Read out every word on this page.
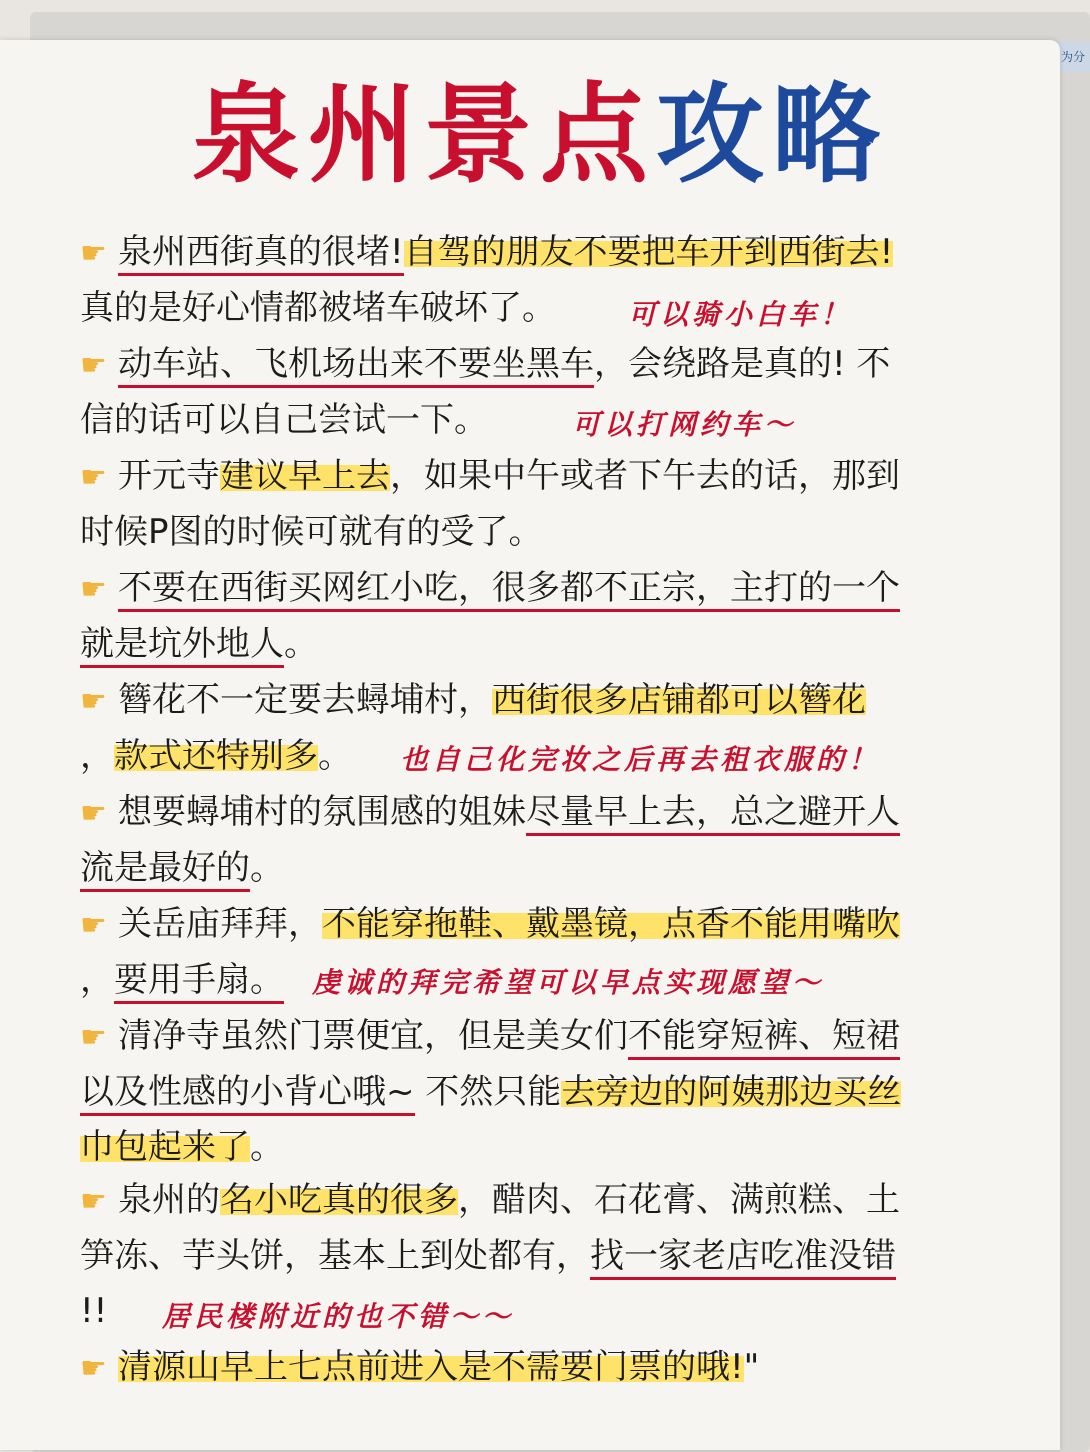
为分
泉州景点攻略
☛ 泉州西街真的很堵!自驾的朋友不要把车开到西街去!
真的是好心情都被堵车破坏了。	可以骑小白车！
☛ 动车站、飞机场出来不要坐黑车，会绕路是真的! 不
信的话可以自己尝试一下。	可以打网约车～
☛ 开元寺建议早上去，如果中午或者下午去的话，那到
时候P图的时候可就有的受了。
☛ 不要在西街买网红小吃，很多都不正宗，主打的一个
就是坑外地人。
☛ 簪花不一定要去蟳埔村，西街很多店铺都可以簪花
，款式还特别多。	也自己化完妆之后再去租衣服的！
☛ 想要蟳埔村的氛围感的姐妹尽量早上去，总之避开人
流是最好的。
☛ 关岳庙拜拜，不能穿拖鞋、戴墨镜，点香不能用嘴吹
，要用手扇。	虔诚的拜完希望可以早点实现愿望～
☛ 清净寺虽然门票便宜，但是美女们不能穿短裤、短裙
以及性感的小背心哦~ 不然只能去旁边的阿姨那边买丝
巾包起来了。
☛ 泉州的名小吃真的很多，醋肉、石花膏、满煎糕、土
笋冻、芋头饼，基本上到处都有，找一家老店吃准没错
!!	居民楼附近的也不错～～
☛ 清源山早上七点前进入是不需要门票的哦!"
